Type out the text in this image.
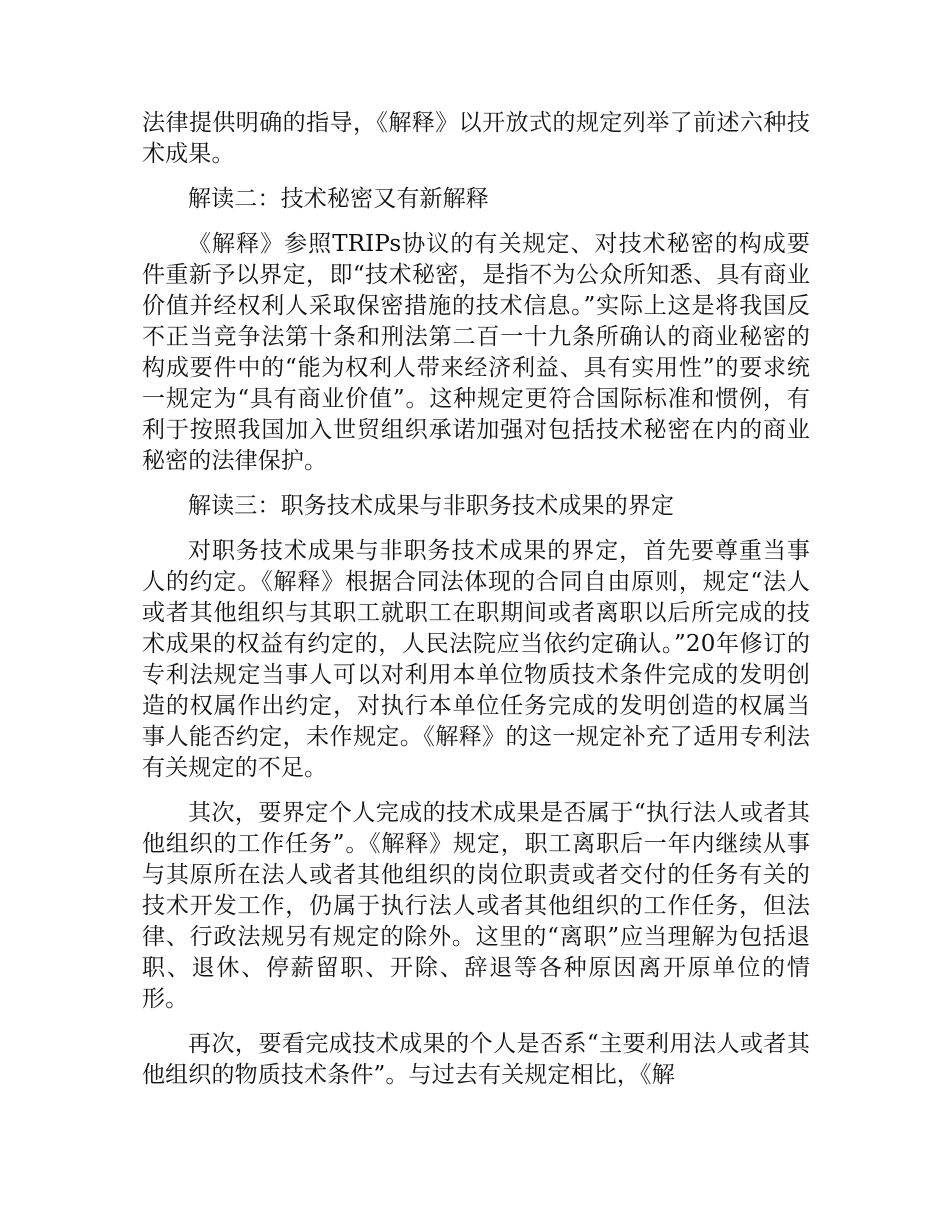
法律提供明确的指导，《解释》以开放式的规定列举了前述六种技术成果。

解读二：技术秘密又有新解释

《解释》参照TRIPs协议的有关规定、对技术秘密的构成要件重新予以界定，即“技术秘密，是指不为公众所知悉、具有商业价值并经权利人采取保密措施的技术信息。”实际上这是将我国反不正当竞争法第十条和刑法第二百一十九条所确认的商业秘密的构成要件中的“能为权利人带来经济利益、具有实用性”的要求统一规定为“具有商业价值”。这种规定更符合国际标准和惯例，有利于按照我国加入世贸组织承诺加强对包括技术秘密在内的商业秘密的法律保护。

解读三：职务技术成果与非职务技术成果的界定

对职务技术成果与非职务技术成果的界定，首先要尊重当事人的约定。《解释》根据合同法体现的合同自由原则，规定“法人或者其他组织与其职工就职工在职期间或者离职以后所完成的技术成果的权益有约定的，人民法院应当依约定确认。”20年修订的专利法规定当事人可以对利用本单位物质技术条件完成的发明创造的权属作出约定，对执行本单位任务完成的发明创造的权属当事人能否约定，未作规定。《解释》的这一规定补充了适用专利法有关规定的不足。

其次，要界定个人完成的技术成果是否属于“执行法人或者其他组织的工作任务”。《解释》规定，职工离职后一年内继续从事与其原所在法人或者其他组织的岗位职责或者交付的任务有关的技术开发工作，仍属于执行法人或者其他组织的工作任务，但法律、行政法规另有规定的除外。这里的“离职”应当理解为包括退职、退休、停薪留职、开除、辞退等各种原因离开原单位的情形。

再次，要看完成技术成果的个人是否系“主要利用法人或者其他组织的物质技术条件”。与过去有关规定相比，《解
